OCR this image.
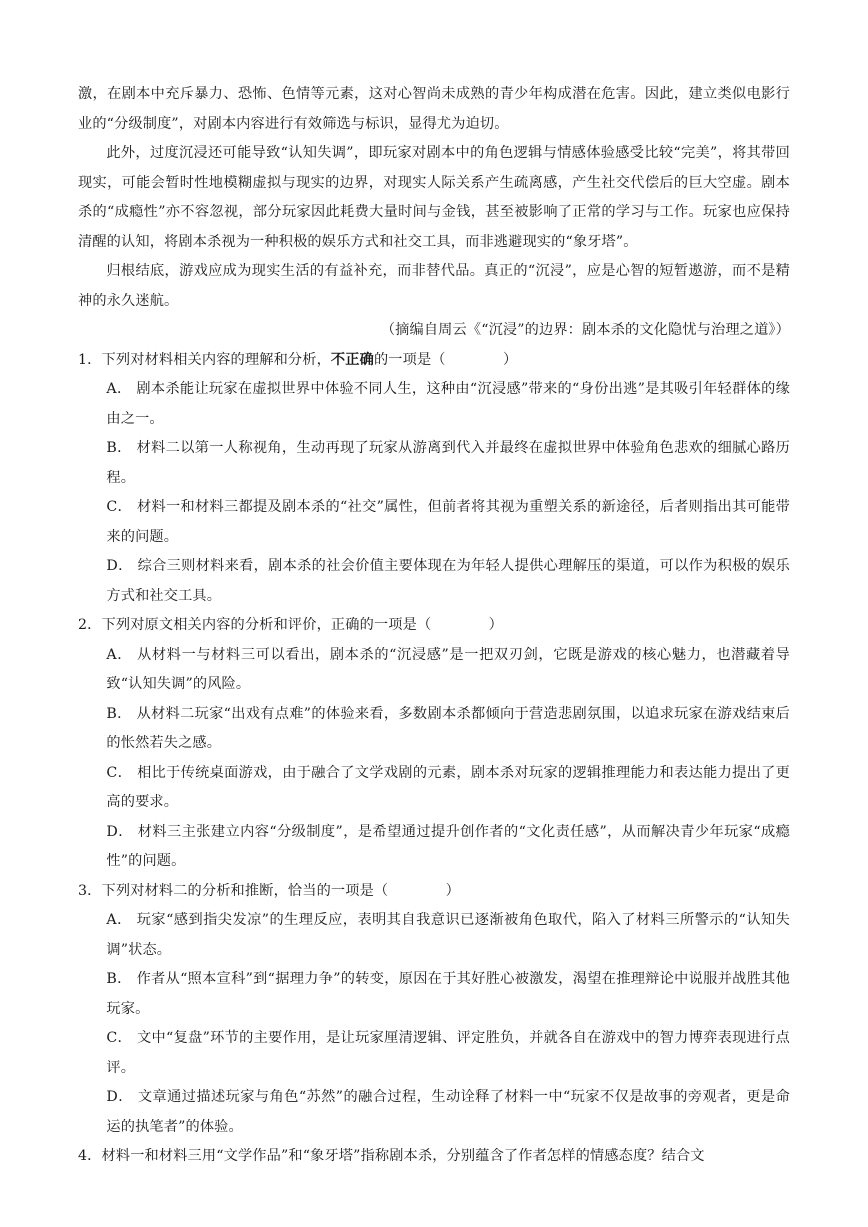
激，在剧本中充斥暴力、恐怖、色情等元素，这对心智尚未成熟的青少年构成潜在危害。因此，建立类似电影行业的“分级制度”，对剧本内容进行有效筛选与标识，显得尤为迫切。

此外，过度沉浸还可能导致“认知失调”，即玩家对剧本中的角色逻辑与情感体验感受比较“完美”，将其带回现实，可能会暂时性地模糊虚拟与现实的边界，对现实人际关系产生疏离感，产生社交代偿后的巨大空虚。剧本杀的“成瘾性”亦不容忽视，部分玩家因此耗费大量时间与金钱，甚至被影响了正常的学习与工作。玩家也应保持清醒的认知，将剧本杀视为一种积极的娱乐方式和社交工具，而非逃避现实的“象牙塔”。

归根结底，游戏应成为现实生活的有益补充，而非替代品。真正的“沉浸”，应是心智的短暂遨游，而不是精神的永久迷航。

（摘编自周云《“沉浸”的边界：剧本杀的文化隐忧与治理之道》）

1．下列对材料相关内容的理解和分析，不正确的一项是（　　　　）

A． 剧本杀能让玩家在虚拟世界中体验不同人生，这种由“沉浸感”带来的“身份出逃”是其吸引年轻群体的缘由之一。

B． 材料二以第一人称视角，生动再现了玩家从游离到代入并最终在虚拟世界中体验角色悲欢的细腻心路历程。

C． 材料一和材料三都提及剧本杀的“社交”属性，但前者将其视为重塑关系的新途径，后者则指出其可能带来的问题。

D． 综合三则材料来看，剧本杀的社会价值主要体现在为年轻人提供心理解压的渠道，可以作为积极的娱乐方式和社交工具。

2．下列对原文相关内容的分析和评价，正确的一项是（　　　　）

A． 从材料一与材料三可以看出，剧本杀的“沉浸感”是一把双刃剑，它既是游戏的核心魅力，也潜藏着导致“认知失调”的风险。

B． 从材料二玩家“出戏有点难”的体验来看，多数剧本杀都倾向于营造悲剧氛围，以追求玩家在游戏结束后的怅然若失之感。

C． 相比于传统桌面游戏，由于融合了文学戏剧的元素，剧本杀对玩家的逻辑推理能力和表达能力提出了更高的要求。

D． 材料三主张建立内容“分级制度”，是希望通过提升创作者的“文化责任感”，从而解决青少年玩家“成瘾性”的问题。

3．下列对材料二的分析和推断，恰当的一项是（　　　　）

A． 玩家“感到指尖发凉”的生理反应，表明其自我意识已逐渐被角色取代，陷入了材料三所警示的“认知失调”状态。

B． 作者从“照本宣科”到“据理力争”的转变，原因在于其好胜心被激发，渴望在推理辩论中说服并战胜其他玩家。

C． 文中“复盘”环节的主要作用，是让玩家厘清逻辑、评定胜负，并就各自在游戏中的智力博弈表现进行点评。

D． 文章通过描述玩家与角色“苏然”的融合过程，生动诠释了材料一中“玩家不仅是故事的旁观者，更是命运的执笔者”的体验。

4．材料一和材料三用“文学作品”和“象牙塔”指称剧本杀，分别蕴含了作者怎样的情感态度？结合文
